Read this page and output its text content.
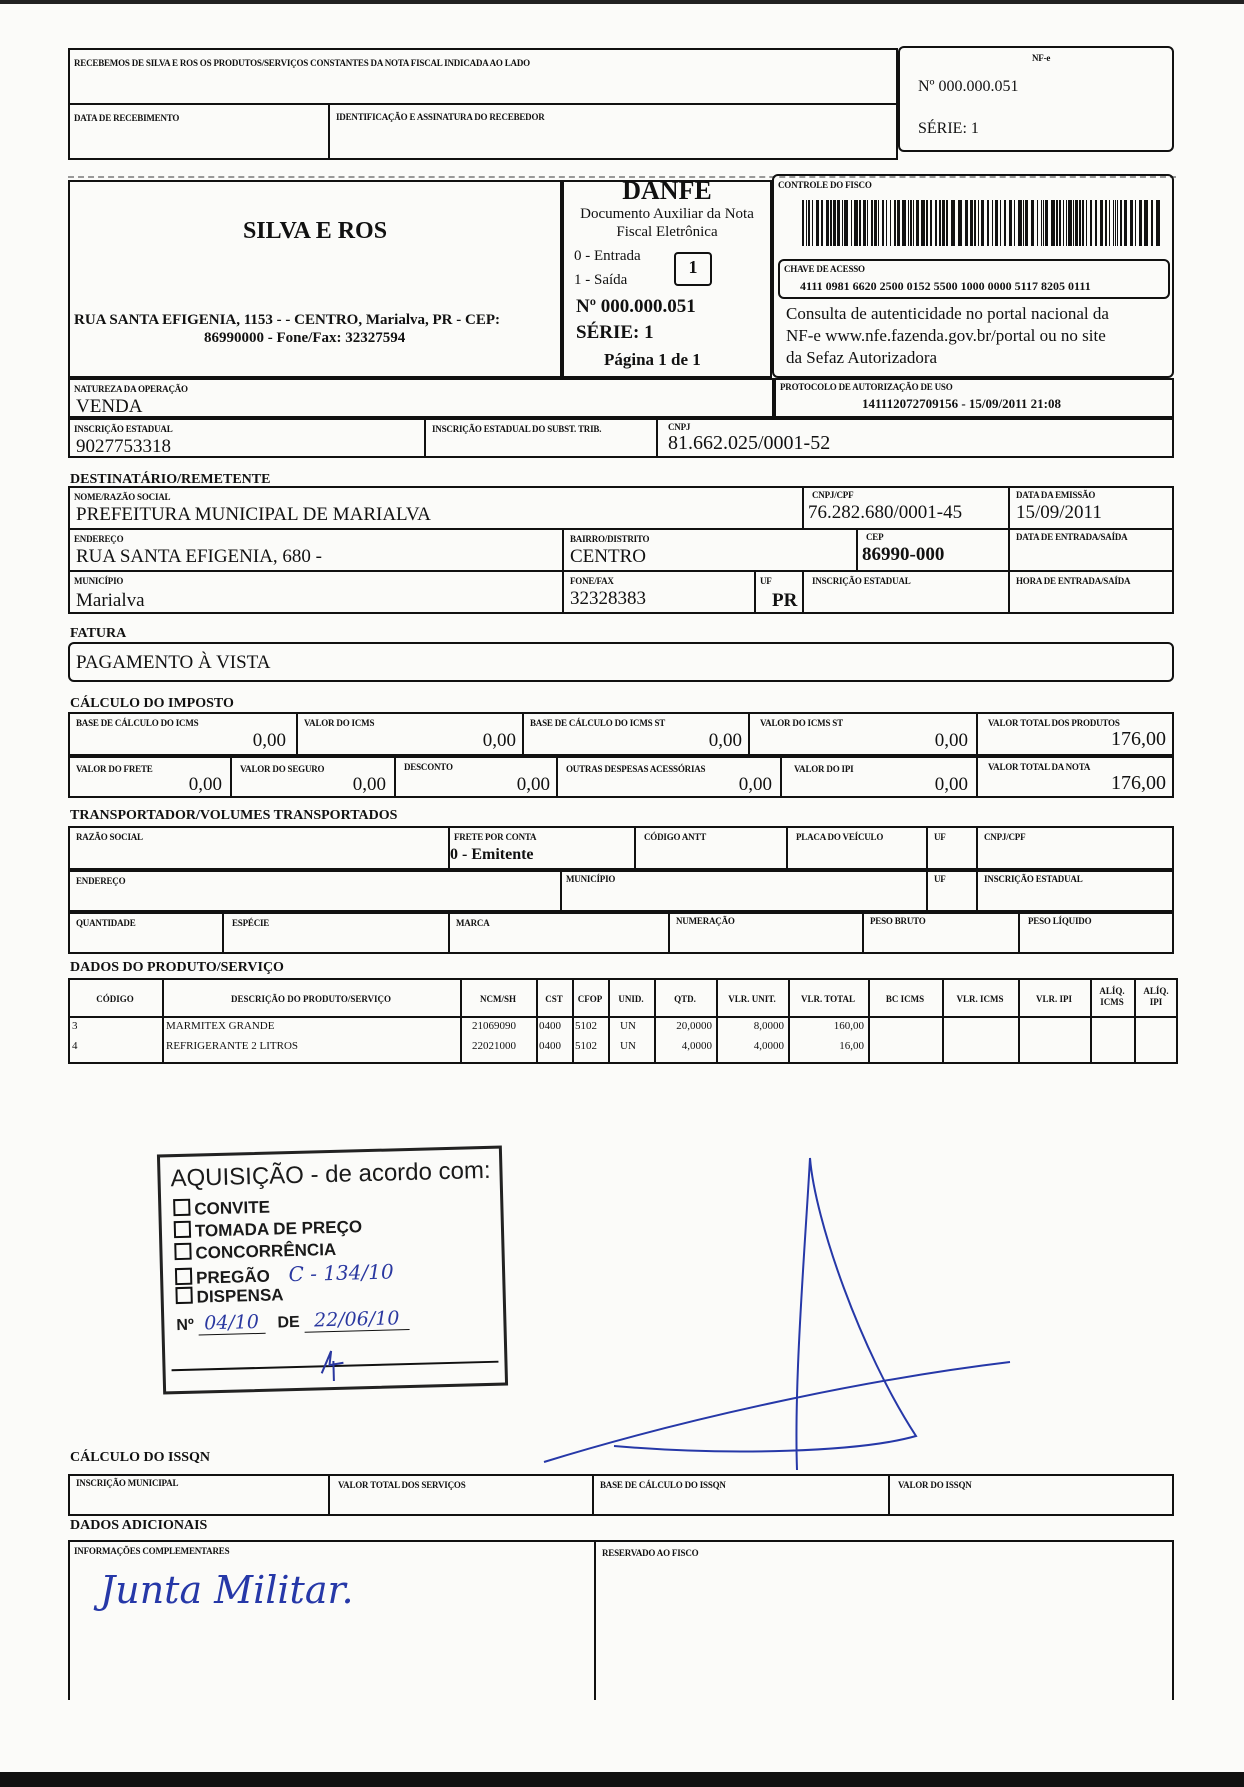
RECEBEMOS DE SILVA E ROS OS PRODUTOS/SERVIÇOS CONSTANTES DA NOTA FISCAL INDICADA AO LADO
DATA DE RECEBIMENTO	IDENTIFICAÇÃO E ASSINATURA DO RECEBEDOR
NF-e
Nº 000.000.051
SÉRIE: 1
SILVA E ROS
RUA SANTA EFIGENIA, 1153 - - CENTRO, Marialva, PR - CEP:
86990000 - Fone/Fax: 32327594
DANFE
Documento Auxiliar da Nota
Fiscal Eletrônica
0 - Entrada
1 - Saída
1
Nº 000.000.051
SÉRIE: 1
Página 1 de 1
CONTROLE DO FISCO
CHAVE DE ACESSO
4111 0981 6620 2500 0152 5500 1000 0000 5117 8205 0111
Consulta de autenticidade no portal nacional da
NF-e www.nfe.fazenda.gov.br/portal ou no site
da Sefaz Autorizadora
NATUREZA DA OPERAÇÃO
VENDA
PROTOCOLO DE AUTORIZAÇÃO DE USO
141112072709156 - 15/09/2011 21:08
INSCRIÇÃO ESTADUAL
9027753318
INSCRIÇÃO ESTADUAL DO SUBST. TRIB.	CNPJ
81.662.025/0001-52
DESTINATÁRIO/REMETENTE
NOME/RAZÃO SOCIAL
PREFEITURA MUNICIPAL DE MARIALVA
CNPJ/CPF
76.282.680/0001-45
DATA DA EMISSÃO
15/09/2011
ENDEREÇO
RUA SANTA EFIGENIA, 680 -
BAIRRO/DISTRITO
CENTRO
CEP
86990-000
DATA DE ENTRADA/SAÍDA
MUNICÍPIO
Marialva
FONE/FAX
32328383
UF
PR
INSCRIÇÃO ESTADUAL	HORA DE ENTRADA/SAÍDA
FATURA
PAGAMENTO À VISTA
CÁLCULO DO IMPOSTO
BASE DE CÁLCULO DO ICMS
0,00
VALOR DO ICMS
0,00
BASE DE CÁLCULO DO ICMS ST
0,00
VALOR DO ICMS ST
0,00
VALOR TOTAL DOS PRODUTOS
176,00
VALOR DO FRETE
0,00
VALOR DO SEGURO
0,00
DESCONTO
0,00
OUTRAS DESPESAS ACESSÓRIAS
0,00
VALOR DO IPI
0,00
VALOR TOTAL DA NOTA
176,00
TRANSPORTADOR/VOLUMES TRANSPORTADOS
RAZÃO SOCIAL	FRETE POR CONTA
0 - Emitente
CÓDIGO ANTT	PLACA DO VEÍCULO	UF	CNPJ/CPF
ENDEREÇO	MUNICÍPIO	UF	INSCRIÇÃO ESTADUAL
QUANTIDADE	ESPÉCIE	MARCA	NUMERAÇÃO	PESO BRUTO	PESO LÍQUIDO
DADOS DO PRODUTO/SERVIÇO
CÓDIGO	DESCRIÇÃO DO PRODUTO/SERVIÇO	NCM/SH	CST	CFOP	UNID.	QTD.	VLR. UNIT.	VLR. TOTAL	BC ICMS	VLR. ICMS	VLR. IPI
ALÍQ.
ICMS
ALÍQ.
IPI
3	MARMITEX GRANDE	21069090 0400 5102 UN	20,0000	8,0000	160,00
4	REFRIGERANTE 2 LITROS	22021000 0400 5102 UN	4,0000	4,0000	16,00
AQUISIÇÃO - de acordo com:
CONVITE
TOMADA DE PREÇO
CONCORRÊNCIA
PREGÃO C - 134/10
DISPENSA
Nº 04/10 DE 22/06/10
CÁLCULO DO ISSQN
INSCRIÇÃO MUNICIPAL	VALOR TOTAL DOS SERVIÇOS	BASE DE CÁLCULO DO ISSQN	VALOR DO ISSQN
DADOS ADICIONAIS
INFORMAÇÕES COMPLEMENTARES	RESERVADO AO FISCO
Junta Militar.
